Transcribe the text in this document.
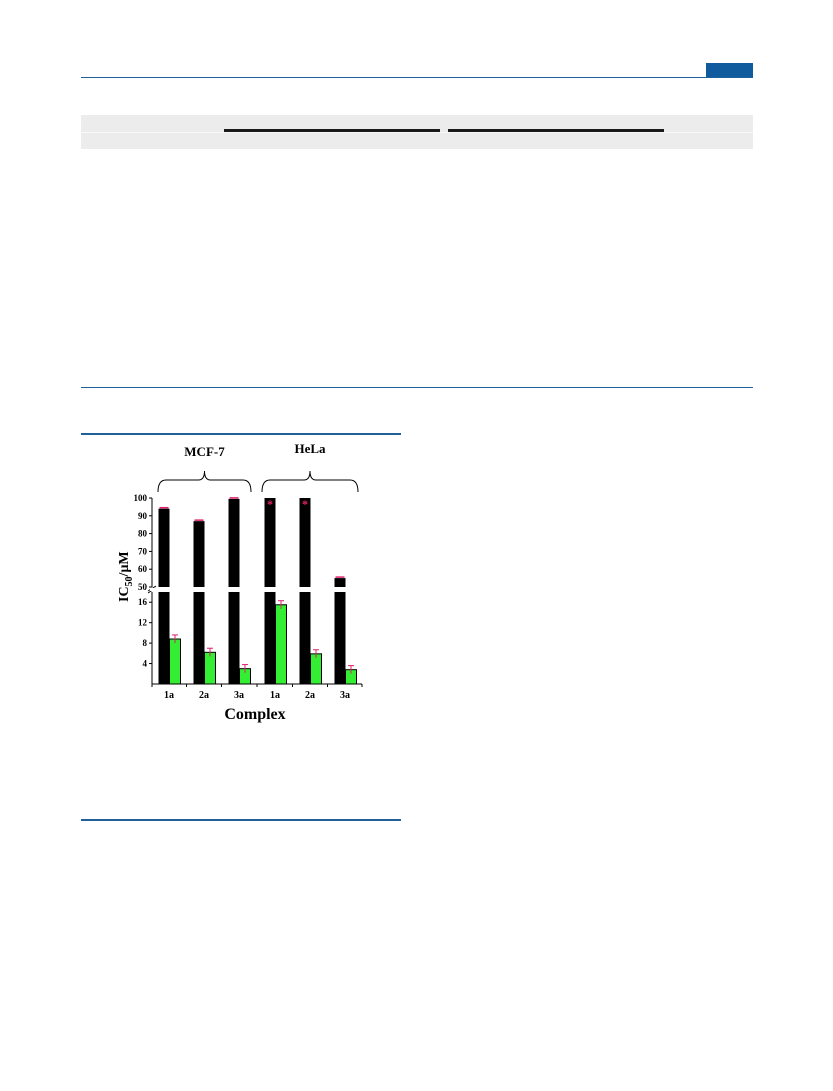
50
60
70
80
90
100
4
8
12
16
1a	2a	3a	1a	2a	3a
Complex
$IC_{50}/\mu M$
* *
MCF-7	HeLa
